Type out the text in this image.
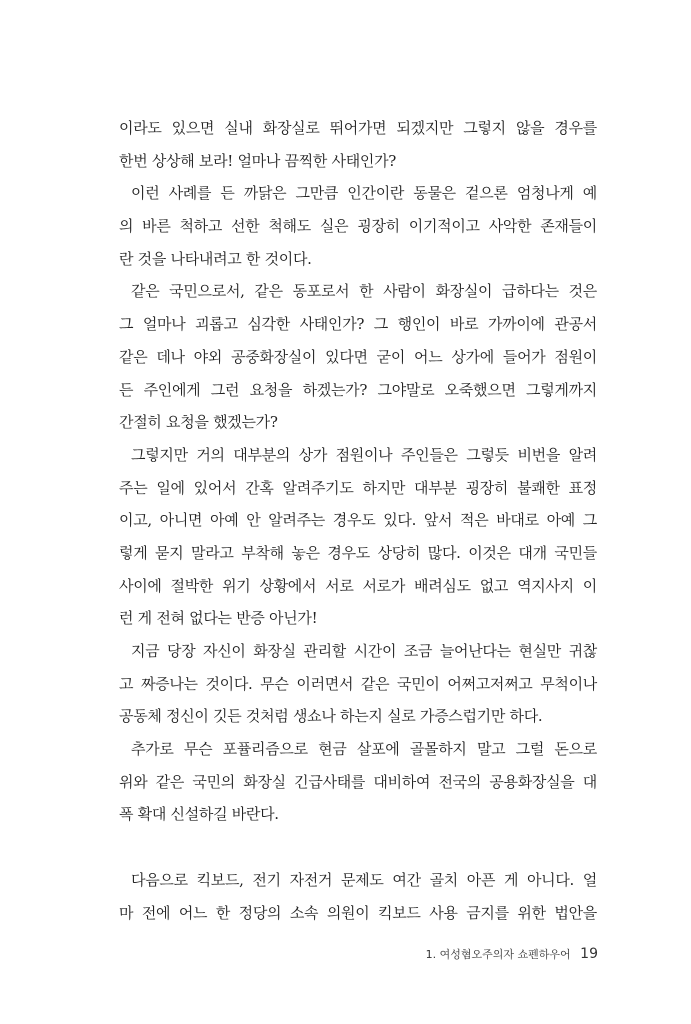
이라도 있으면 실내 화장실로 뛰어가면 되겠지만 그렇지 않을 경우를
한번 상상해 보라! 얼마나 끔찍한 사태인가?
이런 사례를 든 까닭은 그만큼 인간이란 동물은 겉으론 엄청나게 예
의 바른 척하고 선한 척해도 실은 굉장히 이기적이고 사악한 존재들이
란 것을 나타내려고 한 것이다.
같은 국민으로서, 같은 동포로서 한 사람이 화장실이 급하다는 것은
그 얼마나 괴롭고 심각한 사태인가? 그 행인이 바로 가까이에 관공서
같은 데나 야외 공중화장실이 있다면 굳이 어느 상가에 들어가 점원이
든 주인에게 그런 요청을 하겠는가? 그야말로 오죽했으면 그렇게까지
간절히 요청을 했겠는가?
그렇지만 거의 대부분의 상가 점원이나 주인들은 그렇듯 비번을 알려
주는 일에 있어서 간혹 알려주기도 하지만 대부분 굉장히 불쾌한 표정
이고, 아니면 아예 안 알려주는 경우도 있다. 앞서 적은 바대로 아예 그
렇게 묻지 말라고 부착해 놓은 경우도 상당히 많다. 이것은 대개 국민들
사이에 절박한 위기 상황에서 서로 서로가 배려심도 없고 역지사지 이
런 게 전혀 없다는 반증 아닌가!
지금 당장 자신이 화장실 관리할 시간이 조금 늘어난다는 현실만 귀찮
고 짜증나는 것이다. 무슨 이러면서 같은 국민이 어쩌고저쩌고 무척이나
공동체 정신이 깃든 것처럼 생쇼나 하는지 실로 가증스럽기만 하다.
추가로 무슨 포퓰리즘으로 현금 살포에 골몰하지 말고 그럴 돈으로
위와 같은 국민의 화장실 긴급사태를 대비하여 전국의 공용화장실을 대
폭 확대 신설하길 바란다.
다음으로 킥보드, 전기 자전거 문제도 여간 골치 아픈 게 아니다. 얼
마 전에 어느 한 정당의 소속 의원이 킥보드 사용 금지를 위한 법안을
1. 여성혐오주의자 쇼펜하우어 19
